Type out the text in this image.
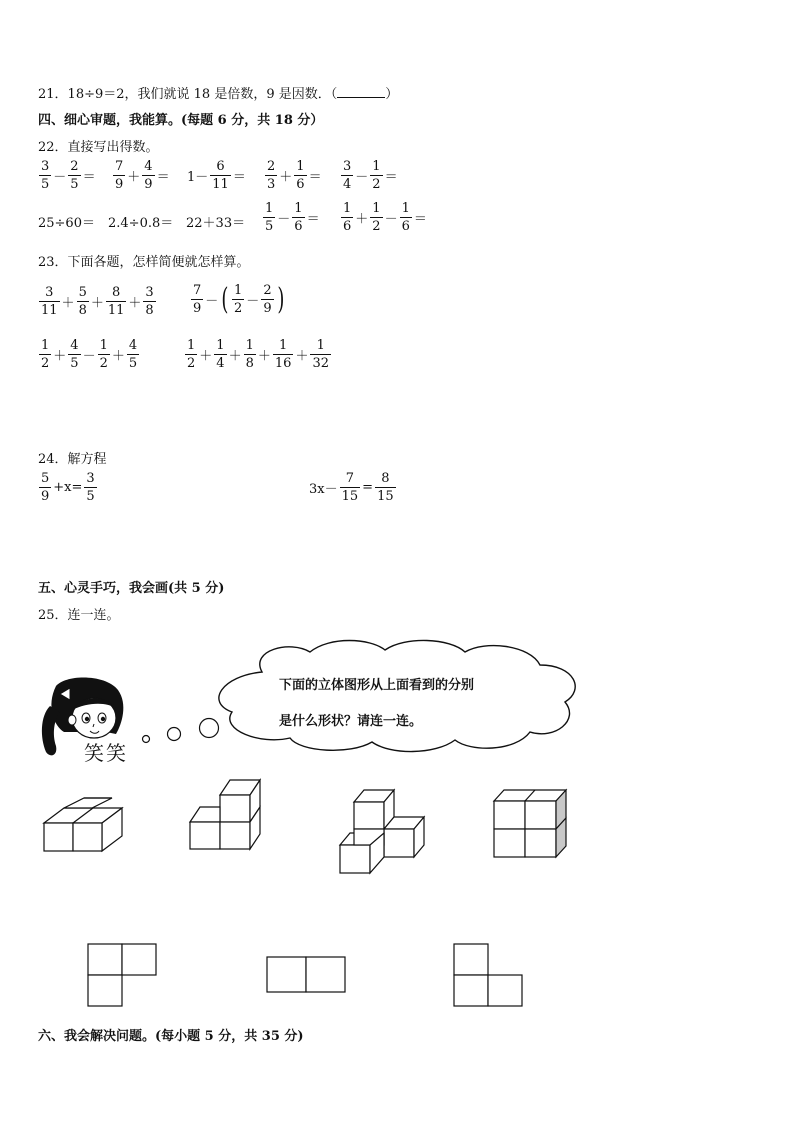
21．18÷9＝2，我们就说 18 是倍数，9 是因数．（	）
四、细心审题，我能算。(每题 6 分，共 18 分）
22．直接写出得数。
$\frac{3}{5} - \frac{2}{5} = \frac{7}{9} + \frac{4}{9} = 1- \frac{6}{11} = \frac{2}{3} + \frac{1}{6} = \frac{3}{4} - \frac{1}{2}$ ＝
$25\div 60= 2.4\div 0.8= 22+33= \frac{1}{5} - \frac{1}{6} = \frac{1}{6} + \frac{1}{2} - \frac{1}{6}$ ＝
23．下面各题，怎样简便就怎样算。
$\frac{3}{11} + \frac{5}{8} + \frac{8}{11} + \frac{3}{8}$	$\frac{7}{9}$ － ( $\frac{1}{2} - \frac{2}{9}$ )
$\frac{1}{2} + \frac{4}{5} - \frac{1}{2} + \frac{4}{5}$	$\frac{1}{2} + \frac{1}{4} + \frac{1}{8} + \frac{1}{16} + \frac{1}{32}$
24．解方程
$\frac{5}{9} +x= \frac{3}{5}$	$3x- \frac{7}{15} = \frac{8}{15}$
五、心灵手巧，我会画(共 5 分)
25．连一连。
下面的立体图形从上面看到的分别
是什么形状？请连一连。
笑笑
六、我会解决问题。(每小题 5 分，共 35 分)
